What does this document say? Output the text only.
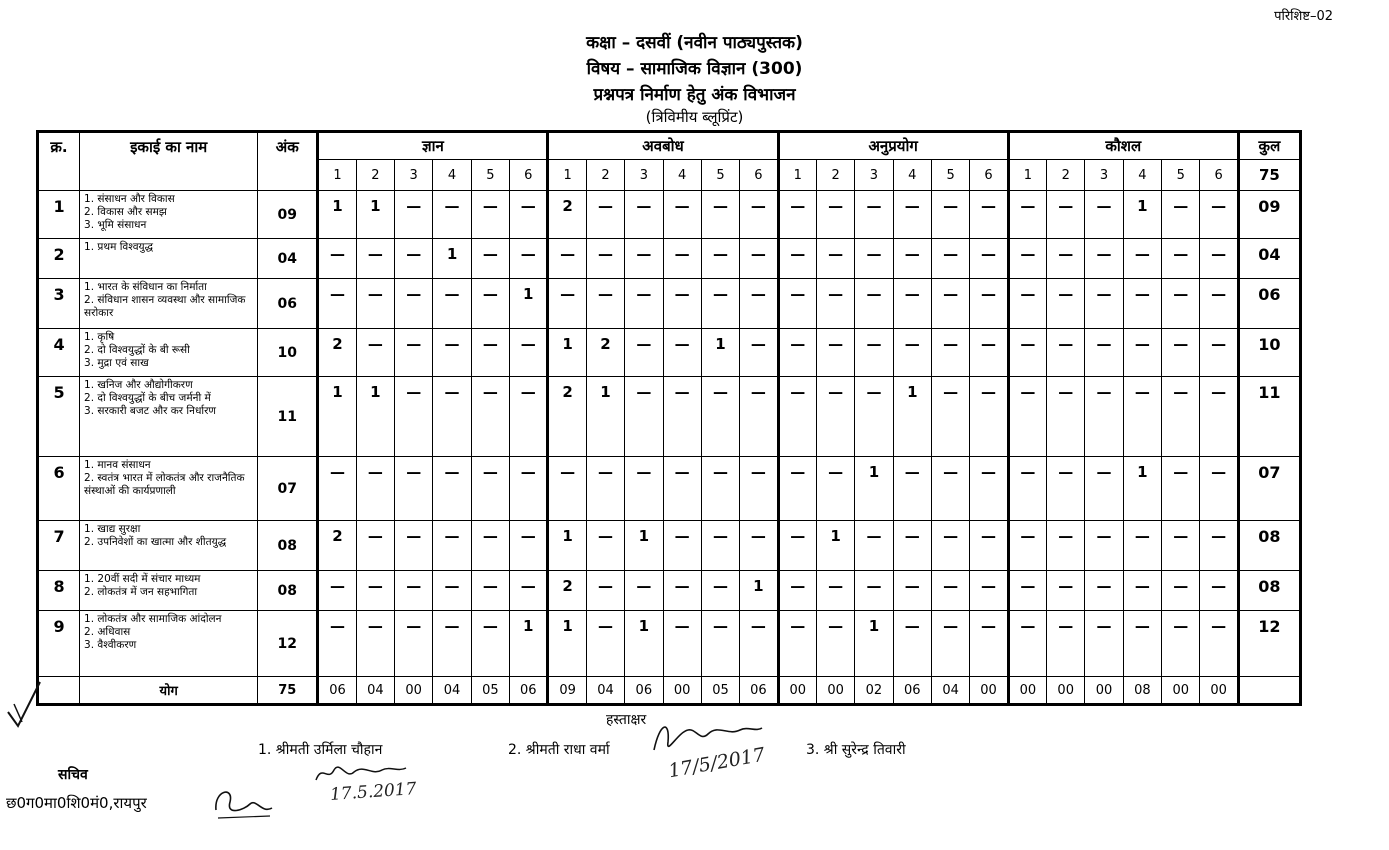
परिशिष्ट–02
कक्षा – दसवीं (नवीन पाठ्यपुस्तक)
विषय – सामाजिक विज्ञान (300)
प्रश्नपत्र निर्माण हेतु अंक विभाजन
(त्रिविमीय ब्लूप्रिंट)
क्र.	इकाई का नाम	अंक	ज्ञान						अवबोध						अनुप्रयोग						कौशल						कुल
			1	2	3	4	5	6	1	2	3	4	5	6	1	2	3	4	5	6	1	2	3	4	5	6	75
1	1. संसाधन और विकास
2. विकास और समझ
3. भूमि संसाधन	09	1	1	—	—	—	—	2	—	—	—	—	—	—	—	—	—	—	—	—	—	—	1	—	—	09
2	1. प्रथम विश्वयुद्ध	04	—	—	—	1	—	—	—	—	—	—	—	—	—	—	—	—	—	—	—	—	—	—	—	—	04
3	1. भारत के संविधान का निर्माता
2. संविधान शासन व्यवस्था और सामाजिक सरोकार	06	—	—	—	—	—	1	—	—	—	—	—	—	—	—	—	—	—	—	—	—	—	—	—	—	06
4	1. कृषि
2. दो विश्वयुद्धों के बी रूसी
3. मुद्रा एवं साख	10	2	—	—	—	—	—	1	2	—	—	1	—	—	—	—	—	—	—	—	—	—	—	—	—	10
5	1. खनिज और औद्योगीकरण
2. दो विश्वयुद्धों के बीच जर्मनी में
3. सरकारी बजट और कर निर्धारण	11	1	1	—	—	—	—	2	1	—	—	—	—	—	—	—	1	—	—	—	—	—	—	—	—	11
6	1. मानव संसाधन
2. स्वतंत्र भारत में लोकतंत्र और राजनैतिक संस्थाओं की कार्यप्रणाली	07	—	—	—	—	—	—	—	—	—	—	—	—	—	—	1	—	—	—	—	—	—	1	—	—	07
7	1. खाद्य सुरक्षा
2. उपनिवेशों का खात्मा और शीतयुद्ध	08	2	—	—	—	—	—	1	—	1	—	—	—	—	1	—	—	—	—	—	—	—	—	—	—	08
8	1. 20वीं सदी में संचार माध्यम
2. लोकतंत्र में जन सहभागिता	08	—	—	—	—	—	—	2	—	—	—	—	1	—	—	—	—	—	—	—	—	—	—	—	—	08
9	1. लोकतंत्र और सामाजिक आंदोलन
2. अधिवास
3. वैश्वीकरण	12	—	—	—	—	—	1	1	—	1	—	—	—	—	—	1	—	—	—	—	—	—	—	—	—	12
	योग	75	06	04	00	04	05	06	09	04	06	00	05	06	00	00	02	06	04	00	00	00	00	08	00	00	
हस्ताक्षर
1. श्रीमती उर्मिला चौहान	2. श्रीमती राधा वर्मा	3. श्री सुरेन्द्र तिवारी
17.5.2017
17/5/2017
सचिव
छ0ग0मा0शि0मं0,रायपुर
